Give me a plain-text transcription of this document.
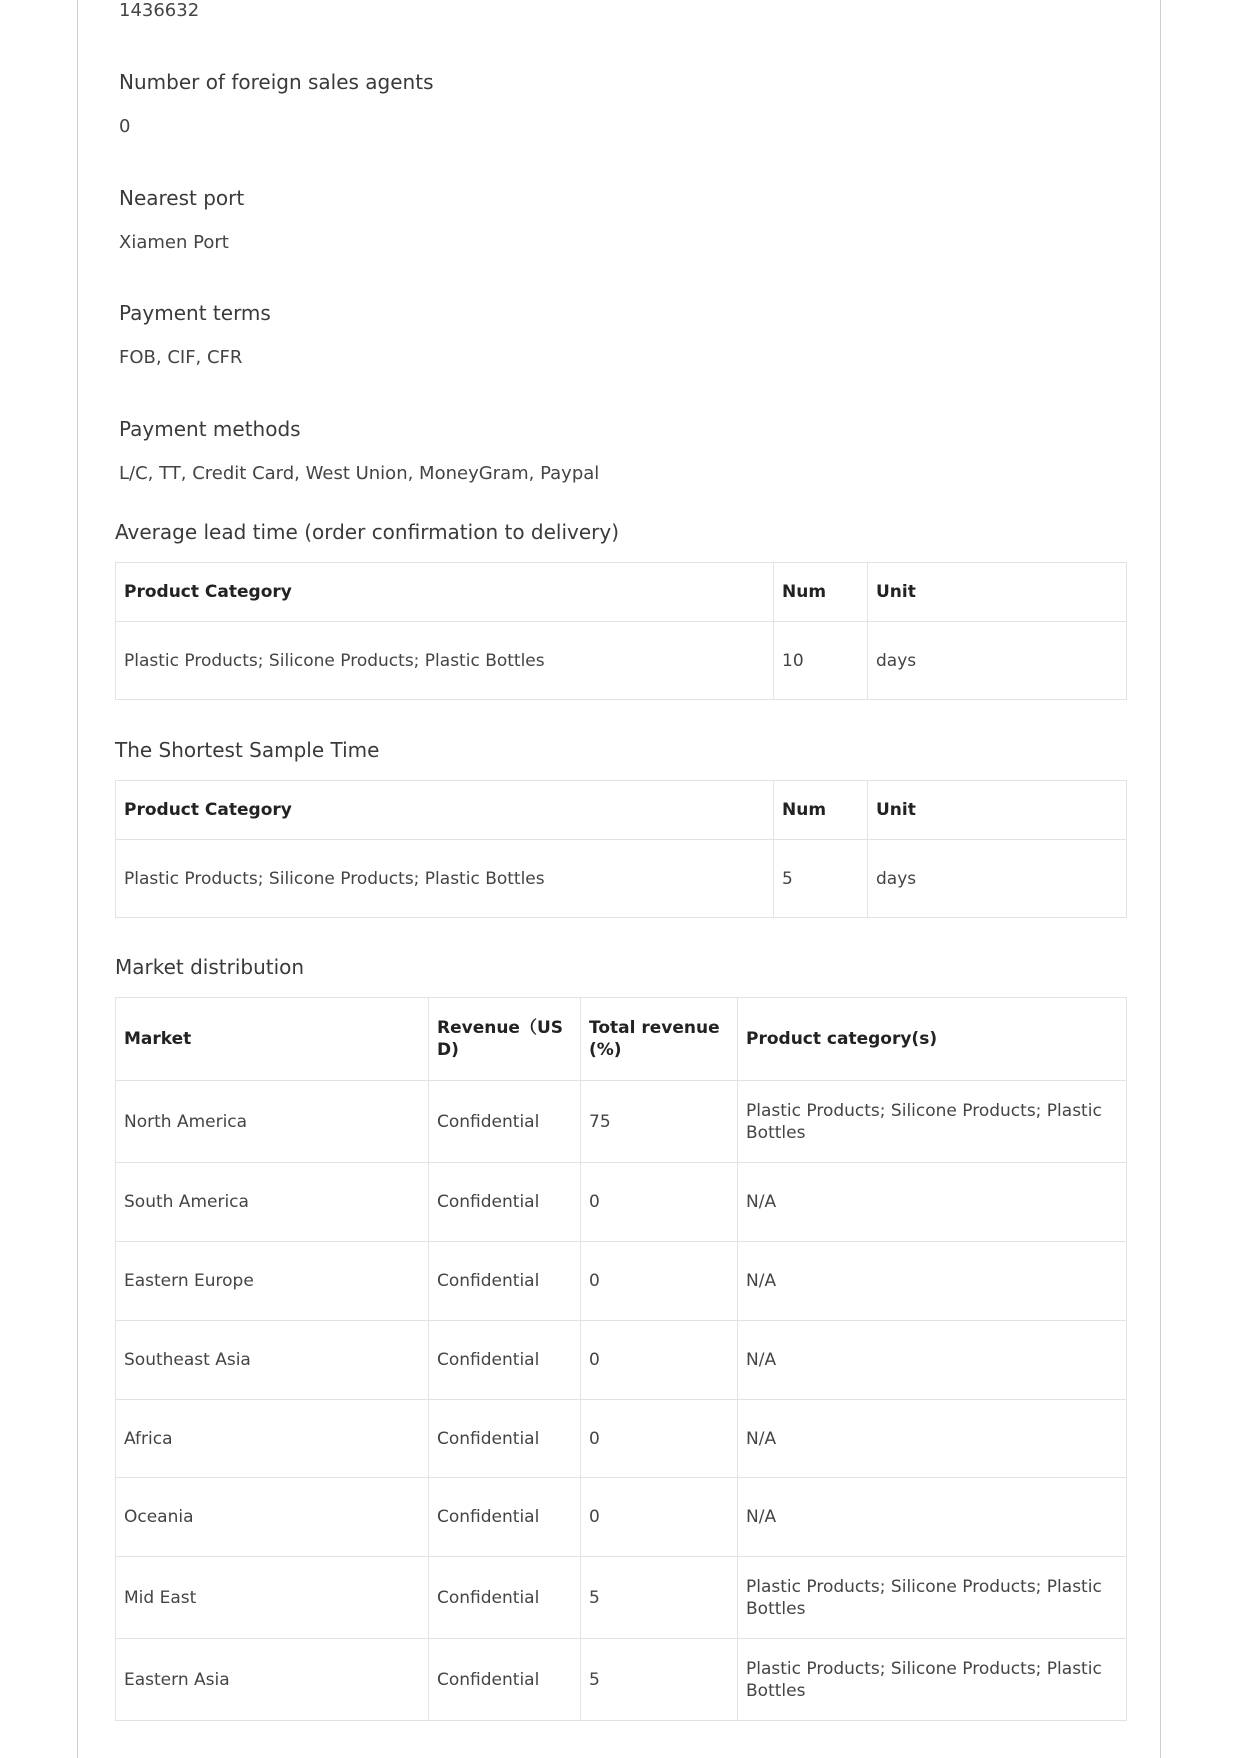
1436632
Number of foreign sales agents
0
Nearest port
Xiamen Port
Payment terms
FOB, CIF, CFR
Payment methods
L/C, TT, Credit Card, West Union, MoneyGram, Paypal
Average lead time (order confirmation to delivery)
Product Category	Num	Unit
Plastic Products; Silicone Products; Plastic Bottles	10	days
The Shortest Sample Time
Product Category	Num	Unit
Plastic Products; Silicone Products; Plastic Bottles	5	days
Market distribution
Market	Revenue（USD)	Total revenue (%)	Product category(s)
North America	Confidential	75	Plastic Products; Silicone Products; Plastic Bottles
South America	Confidential	0	N/A
Eastern Europe	Confidential	0	N/A
Southeast Asia	Confidential	0	N/A
Africa	Confidential	0	N/A
Oceania	Confidential	0	N/A
Mid East	Confidential	5	Plastic Products; Silicone Products; Plastic Bottles
Eastern Asia	Confidential	5	Plastic Products; Silicone Products; Plastic Bottles
